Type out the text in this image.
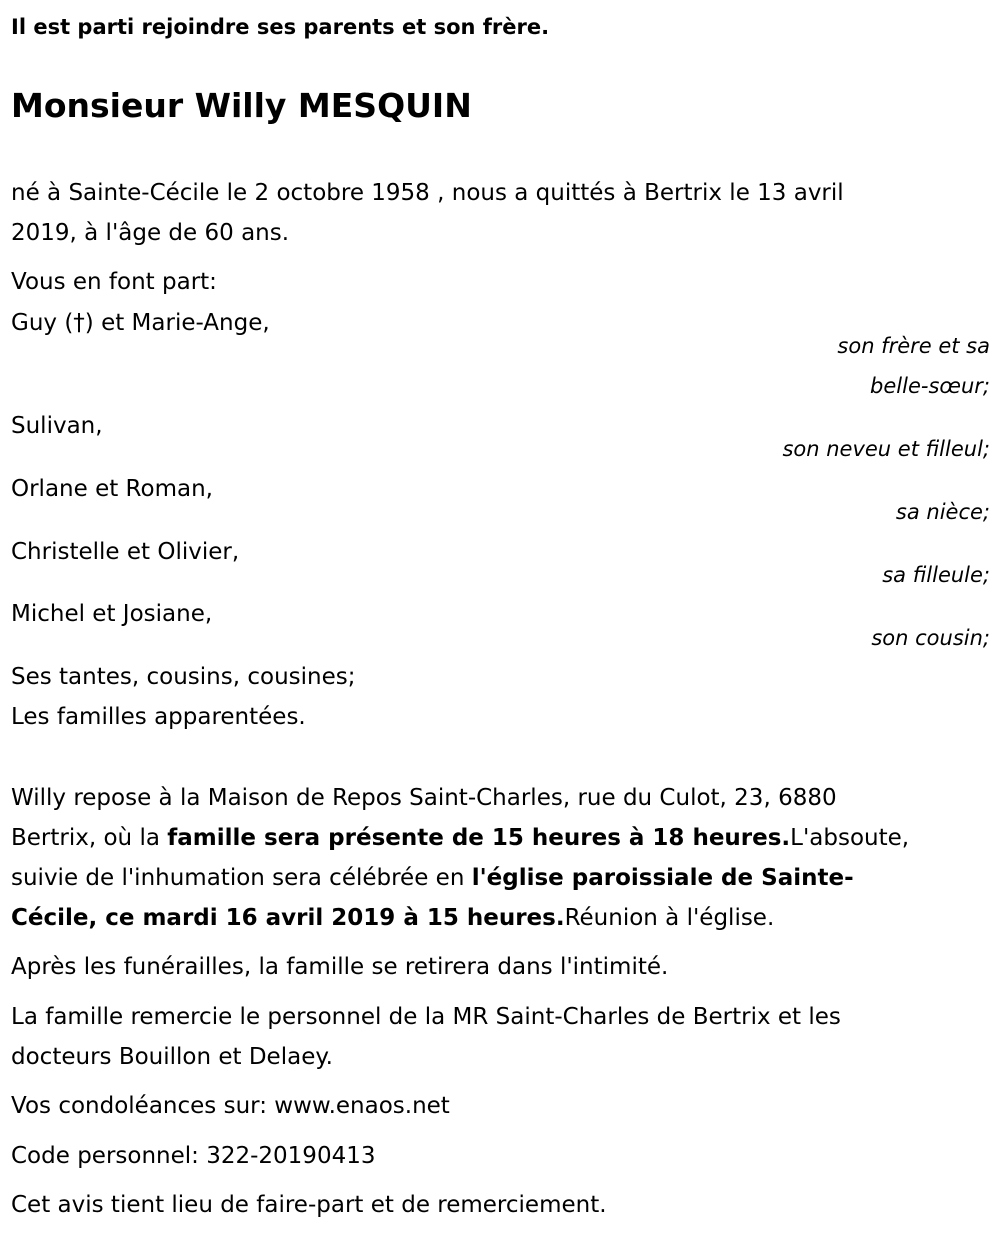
Il est parti rejoindre ses parents et son frère.

Monsieur Willy MESQUIN

né à Sainte-Cécile le 2 octobre 1958 , nous a quittés à Bertrix le 13 avril

2019, à l'âge de 60 ans.

Vous en font part:

Guy (†) et Marie-Ange,

son frère et sa
belle-sœur;

Sulivan,

son neveu et filleul;

Orlane et Roman,

sa nièce;

Christelle et Olivier,

sa filleule;

Michel et Josiane,

son cousin;

Ses tantes, cousins, cousines;

Les familles apparentées.

Willy repose à la Maison de Repos Saint-Charles, rue du Culot, 23, 6880

Bertrix, où la famille sera présente de 15 heures à 18 heures.L'absoute,

suivie de l'inhumation sera célébrée en l'église paroissiale de Sainte-

Cécile, ce mardi 16 avril 2019 à 15 heures.Réunion à l'église.

Après les funérailles, la famille se retirera dans l'intimité.

La famille remercie le personnel de la MR Saint-Charles de Bertrix et les

docteurs Bouillon et Delaey.

Vos condoléances sur: www.enaos.net

Code personnel: 322-20190413

Cet avis tient lieu de faire-part et de remerciement.
